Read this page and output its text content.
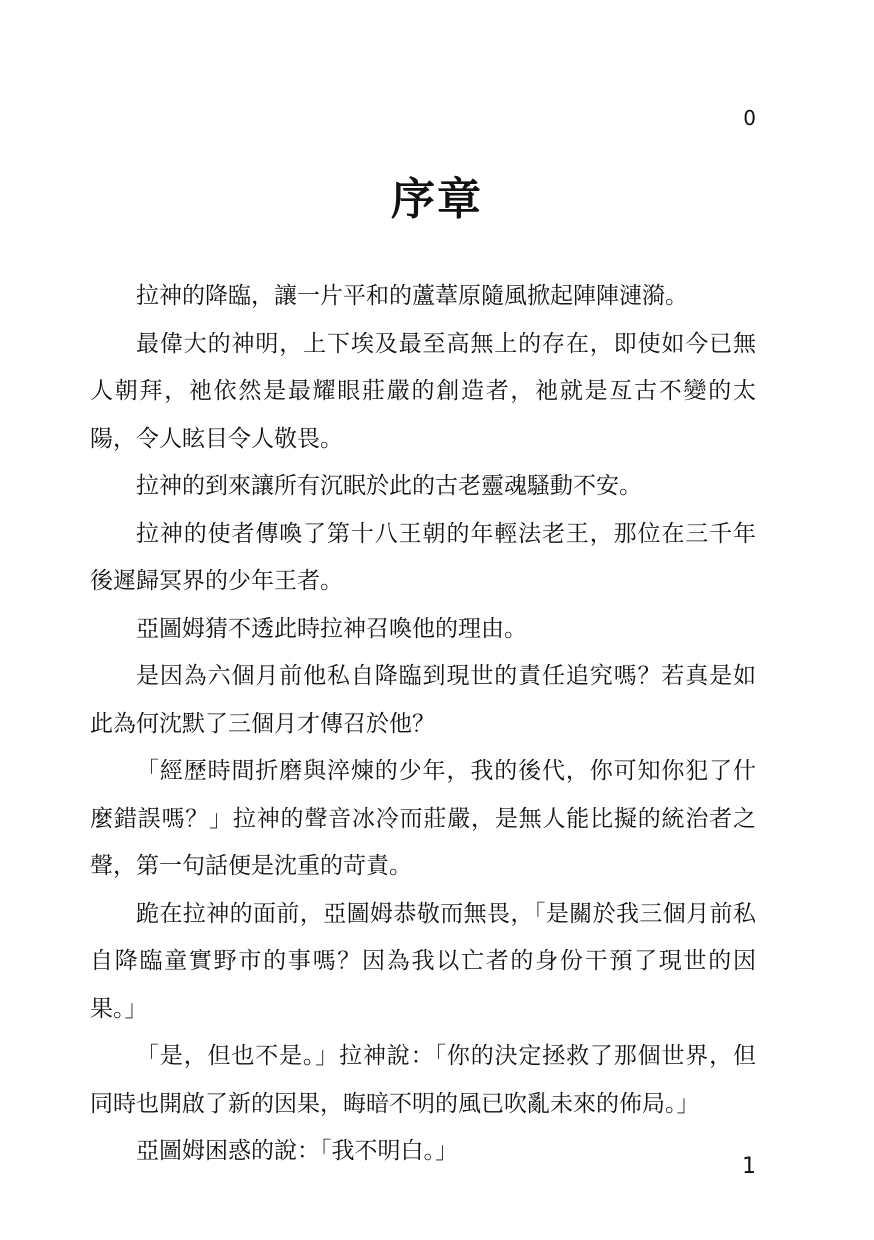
0
序章

拉神的降臨，讓一片平和的蘆葦原隨風掀起陣陣漣漪。

最偉大的神明，上下埃及最至高無上的存在，即使如今已無人朝拜，祂依然是最耀眼莊嚴的創造者，祂就是亙古不變的太陽，令人眩目令人敬畏。

拉神的到來讓所有沉眠於此的古老靈魂騷動不安。

拉神的使者傳喚了第十八王朝的年輕法老王，那位在三千年後遲歸冥界的少年王者。

亞圖姆猜不透此時拉神召喚他的理由。

是因為六個月前他私自降臨到現世的責任追究嗎？若真是如此為何沈默了三個月才傳召於他？

「經歷時間折磨與淬煉的少年，我的後代，你可知你犯了什麼錯誤嗎？」拉神的聲音冰冷而莊嚴，是無人能比擬的統治者之聲，第一句話便是沈重的苛責。

跪在拉神的面前，亞圖姆恭敬而無畏，「是關於我三個月前私自降臨童實野市的事嗎？因為我以亡者的身份干預了現世的因果。」

「是，但也不是。」拉神說：「你的決定拯救了那個世界，但同時也開啟了新的因果，晦暗不明的風已吹亂未來的佈局。」

亞圖姆困惑的說：「我不明白。」

1
